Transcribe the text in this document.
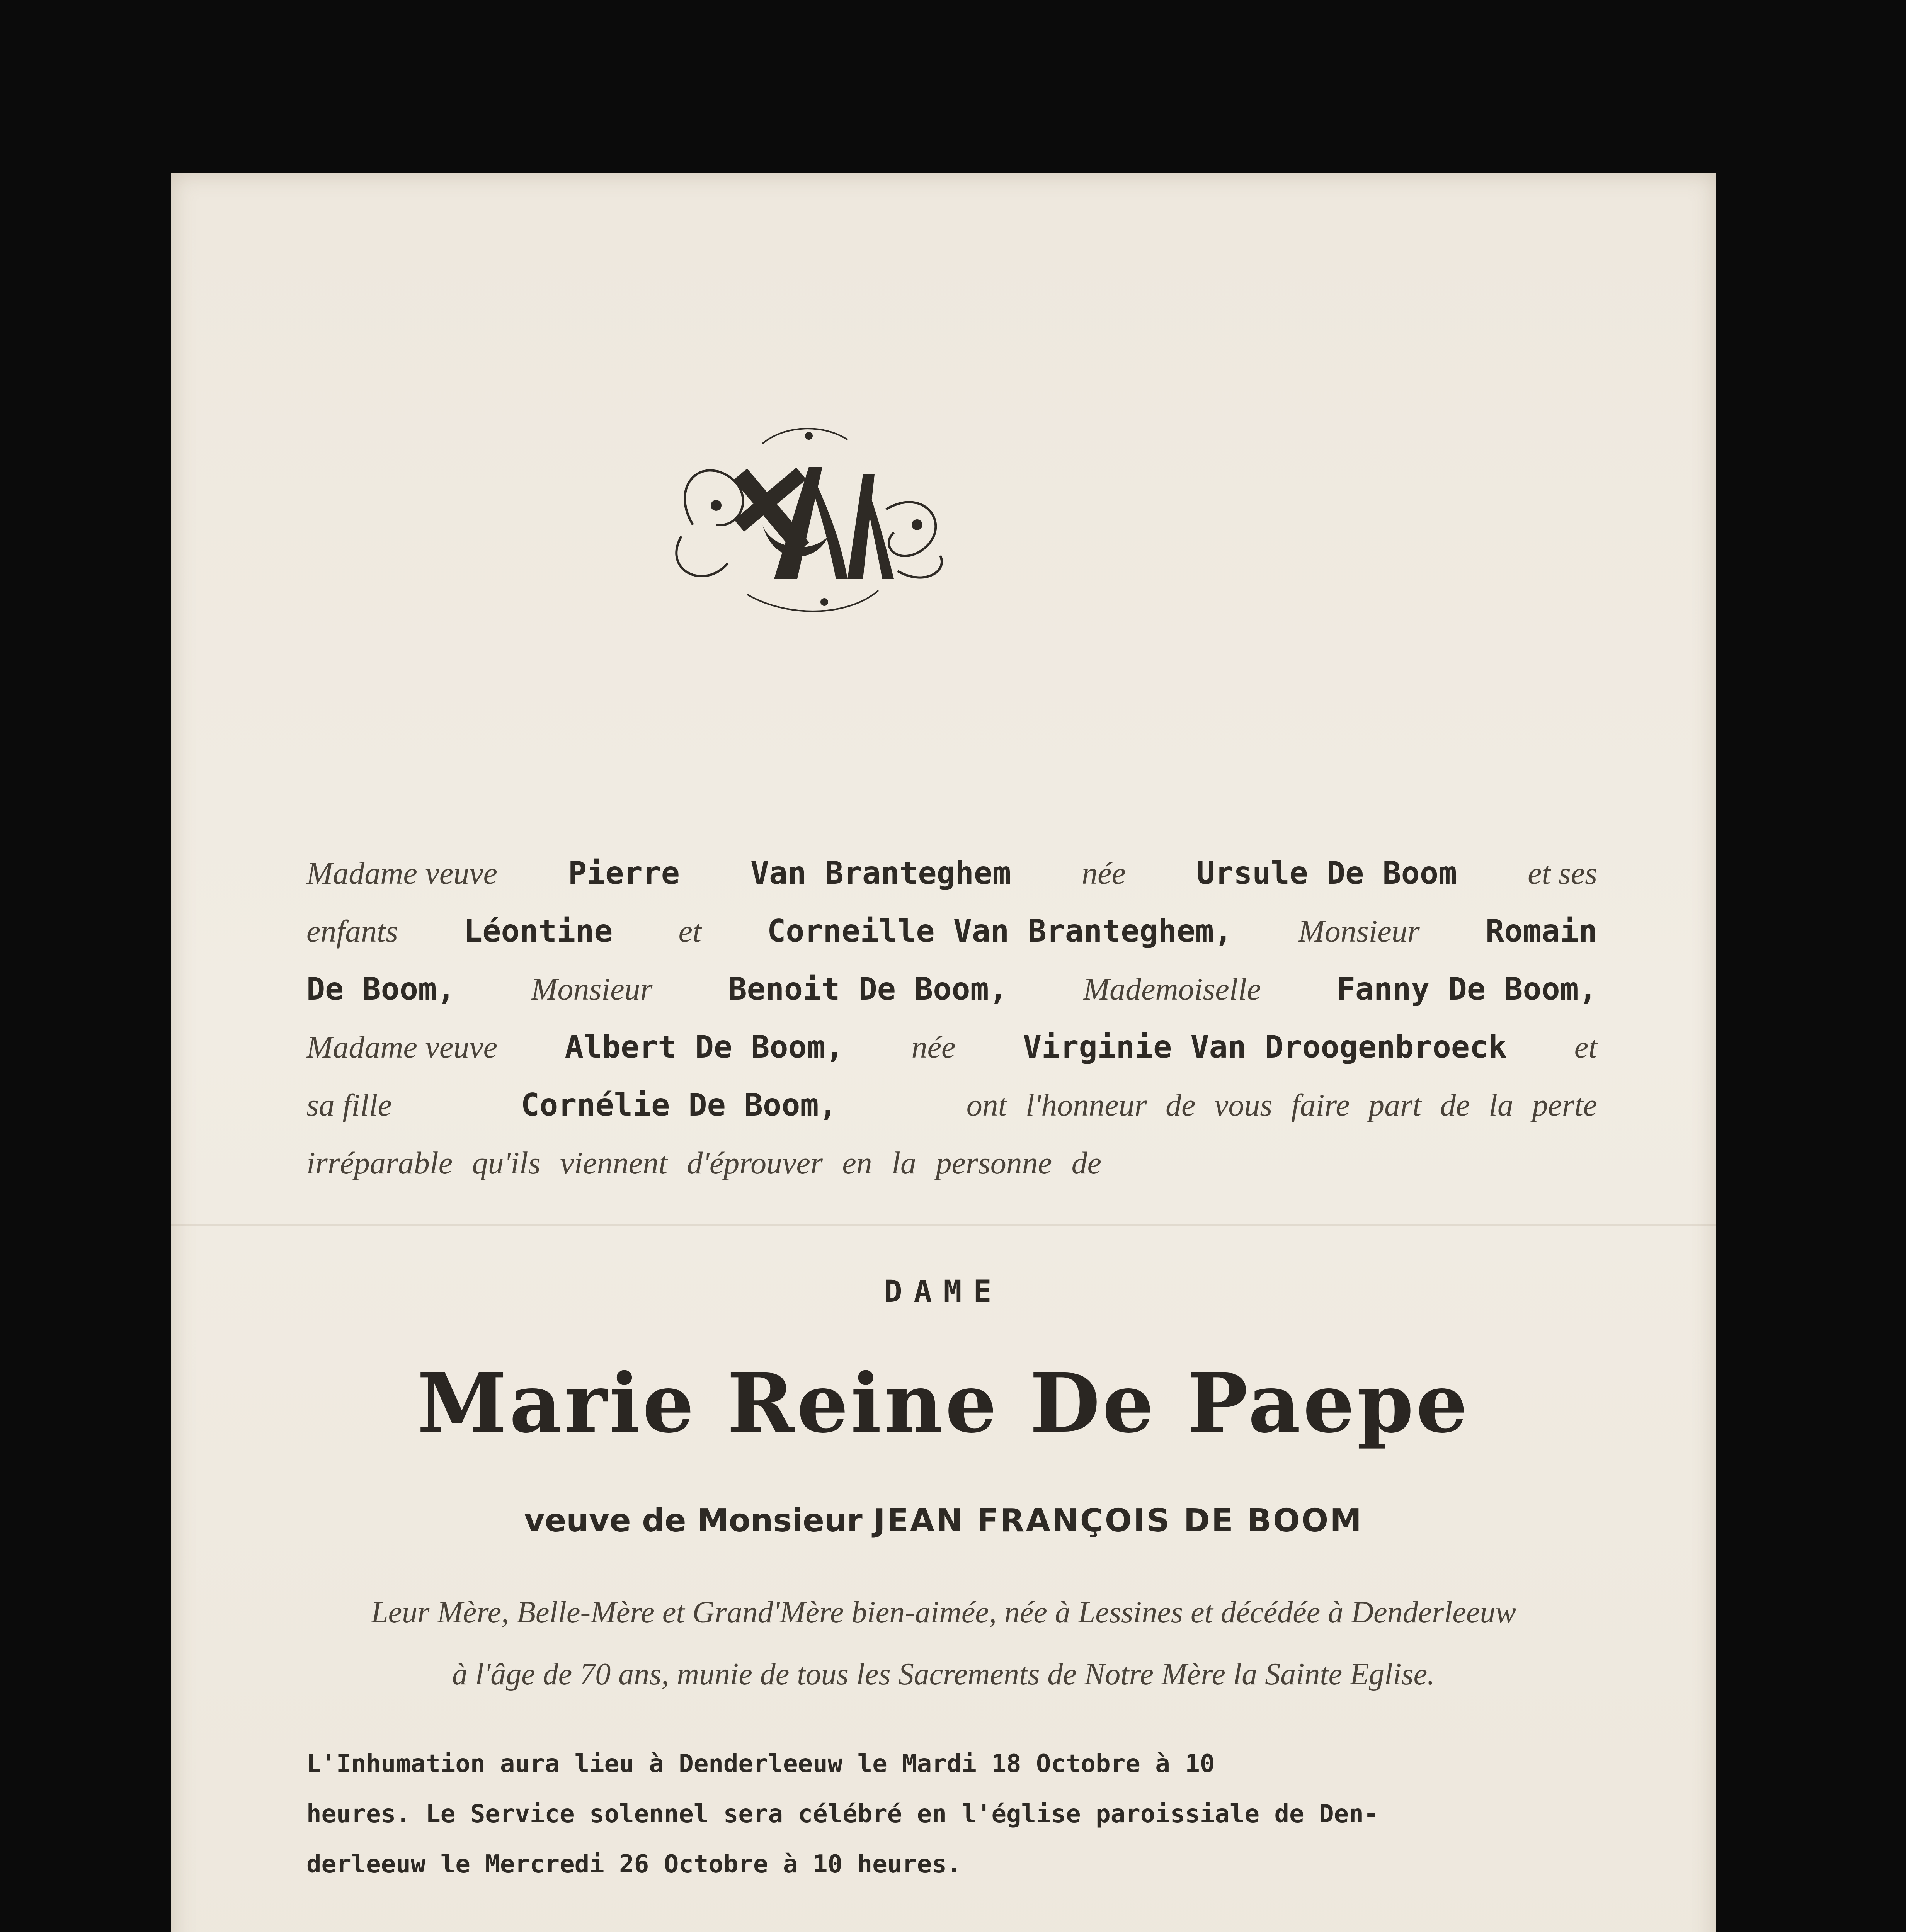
Madame veuve Pierre Van Branteghem née Ursule De Boom et ses
enfants Léontine et Corneille Van Branteghem, Monsieur Romain
De Boom, Monsieur Benoit De Boom, Mademoiselle Fanny De Boom,
Madame veuve Albert De Boom, née Virginie Van Droogenbroeck et
sa fille	Cornélie De Boom,	ont l'honneur de vous faire part de la perte
irréparable qu'ils viennent d'éprouver en la personne de
DAME
Marie Reine De Paepe
veuve de Monsieur JEAN FRANÇOIS DE BOOM
Leur Mère, Belle-Mère et Grand'Mère bien-aimée, née à Lessines et décédée à Denderleeuw
à l'âge de 70 ans, munie de tous les Sacrements de Notre Mère la Sainte Eglise.
L'Inhumation aura lieu à Denderleeuw le Mardi 18 Octobre à 10
heures. Le Service solennel sera célébré en l'église paroissiale de Den-
derleeuw le Mercredi 26 Octobre à 10 heures.
